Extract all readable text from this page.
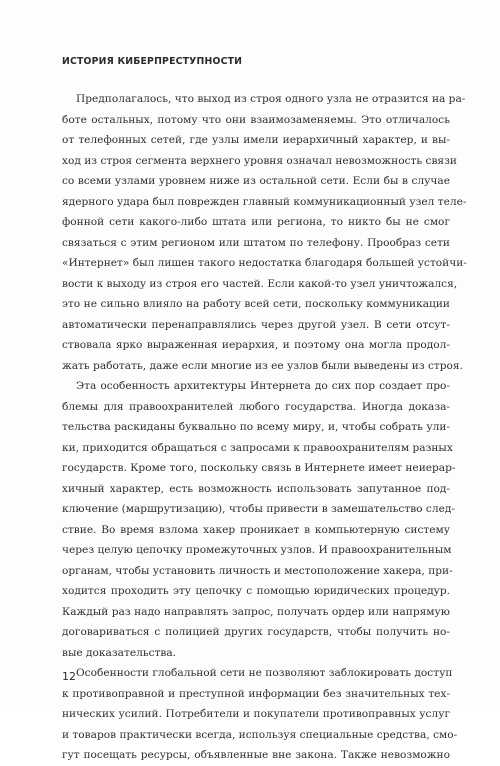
ИСТОРИЯ КИБЕРПРЕСТУПНОСТИ
Предполагалось, что выход из строя одного узла не отразится на ра-
боте остальных, потому что они взаимозаменяемы. Это отличалось
от телефонных сетей, где узлы имели иерархичный характер, и вы-
ход из строя сегмента верхнего уровня означал невозможность связи
со всеми узлами уровнем ниже из остальной сети. Если бы в случае
ядерного удара был поврежден главный коммуникационный узел теле-
фонной сети какого-либо штата или региона, то никто бы не смог
связаться с этим регионом или штатом по телефону. Прообраз сети
«Интернет» был лишен такого недостатка благодаря большей устойчи-
вости к выходу из строя его частей. Если какой-то узел уничтожался,
это не сильно влияло на работу всей сети, поскольку коммуникации
автоматически перенаправлялись через другой узел. В сети отсут-
ствовала ярко выраженная иерархия, и поэтому она могла продол-
жать работать, даже если многие из ее узлов были выведены из строя.
Эта особенность архитектуры Интернета до сих пор создает про-
блемы для правоохранителей любого государства. Иногда доказа-
тельства раскиданы буквально по всему миру, и, чтобы собрать ули-
ки, приходится обращаться с запросами к правоохранителям разных
государств. Кроме того, поскольку связь в Интернете имеет неиерар-
хичный характер, есть возможность использовать запутанное под-
ключение (маршрутизацию), чтобы привести в замешательство след-
ствие. Во время взлома хакер проникает в компьютерную систему
через целую цепочку промежуточных узлов. И правоохранительным
органам, чтобы установить личность и местоположение хакера, при-
ходится проходить эту цепочку с помощью юридических процедур.
Каждый раз надо направлять запрос, получать ордер или напрямую
договариваться с полицией других государств, чтобы получить но-
вые доказательства.
Особенности глобальной сети не позволяют заблокировать доступ
к противоправной и преступной информации без значительных тех-
нических усилий. Потребители и покупатели противоправных услуг
и товаров практически всегда, используя специальные средства, смо-
гут посещать ресурсы, объявленные вне закона. Также невозможно
12
